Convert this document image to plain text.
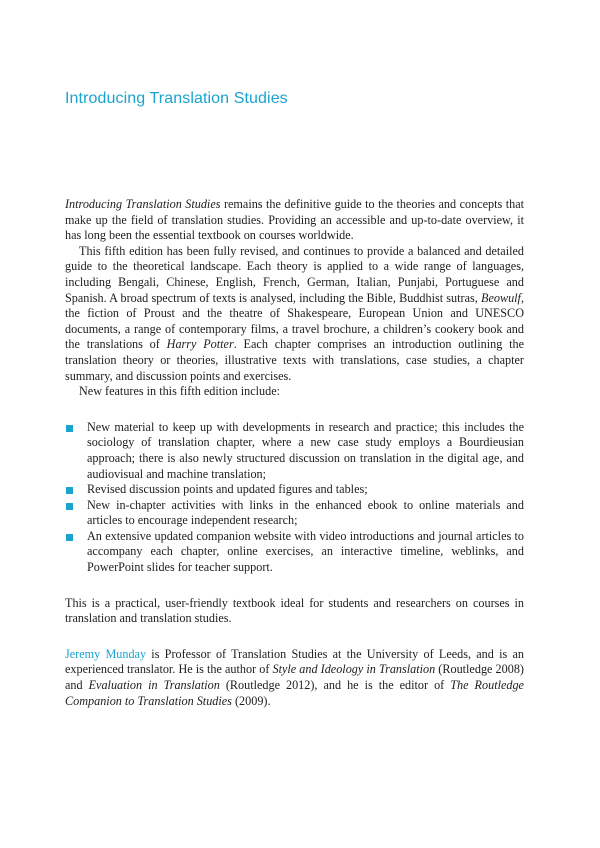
Introducing Translation Studies

Introducing Translation Studies remains the definitive guide to the theories and concepts that make up the field of translation studies. Providing an accessible and up-to-date overview, it has long been the essential textbook on courses worldwide.

This fifth edition has been fully revised, and continues to provide a balanced and detailed guide to the theoretical landscape. Each theory is applied to a wide range of languages, including Bengali, Chinese, English, French, German, Italian, Punjabi, Portuguese and Spanish. A broad spectrum of texts is analysed, including the Bible, Buddhist sutras, Beowulf, the fiction of Proust and the theatre of Shakespeare, European Union and UNESCO documents, a range of contemporary films, a travel brochure, a children’s cookery book and the translations of Harry Potter. Each chapter comprises an introduction outlining the translation theory or theories, illustrative texts with translations, case studies, a chapter summary, and discussion points and exercises.

New features in this fifth edition include:

New material to keep up with developments in research and practice; this includes the sociology of translation chapter, where a new case study employs a Bourdieusian approach; there is also newly structured discussion on translation in the digital age, and audiovisual and machine translation;
Revised discussion points and updated figures and tables;
New in-chapter activities with links in the enhanced ebook to online materials and articles to encourage independent research;
An extensive updated companion website with video introductions and journal articles to accompany each chapter, online exercises, an interactive timeline, weblinks, and PowerPoint slides for teacher support.

This is a practical, user-friendly textbook ideal for students and researchers on courses in translation and translation studies.

Jeremy Munday is Professor of Translation Studies at the University of Leeds, and is an experienced translator. He is the author of Style and Ideology in Translation (Routledge 2008) and Evaluation in Translation (Routledge 2012), and he is the editor of The Routledge Companion to Translation Studies (2009).
